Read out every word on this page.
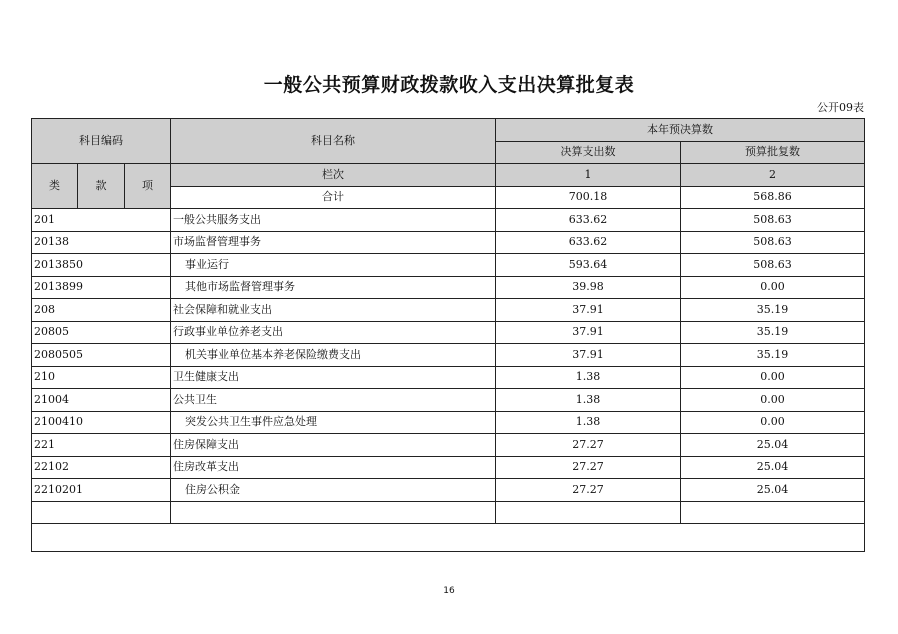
一般公共预算财政拨款收入支出决算批复表
公开09表
科目编码			科目名称	本年预决算数	
				决算支出数	预算批复数
类	款	项	栏次	1	2
			合计	700.18	568.86
201			一般公共服务支出	633.62	508.63
20138			市场监督管理事务	633.62	508.63
2013850			事业运行	593.64	508.63
2013899			其他市场监督管理事务	39.98	0.00
208			社会保障和就业支出	37.91	35.19
20805			行政事业单位养老支出	37.91	35.19
2080505			机关事业单位基本养老保险缴费支出	37.91	35.19
210			卫生健康支出	1.38	0.00
21004			公共卫生	1.38	0.00
2100410			突发公共卫生事件应急处理	1.38	0.00
221			住房保障支出	27.27	25.04
22102			住房改革支出	27.27	25.04
2210201			住房公积金	27.27	25.04

16
